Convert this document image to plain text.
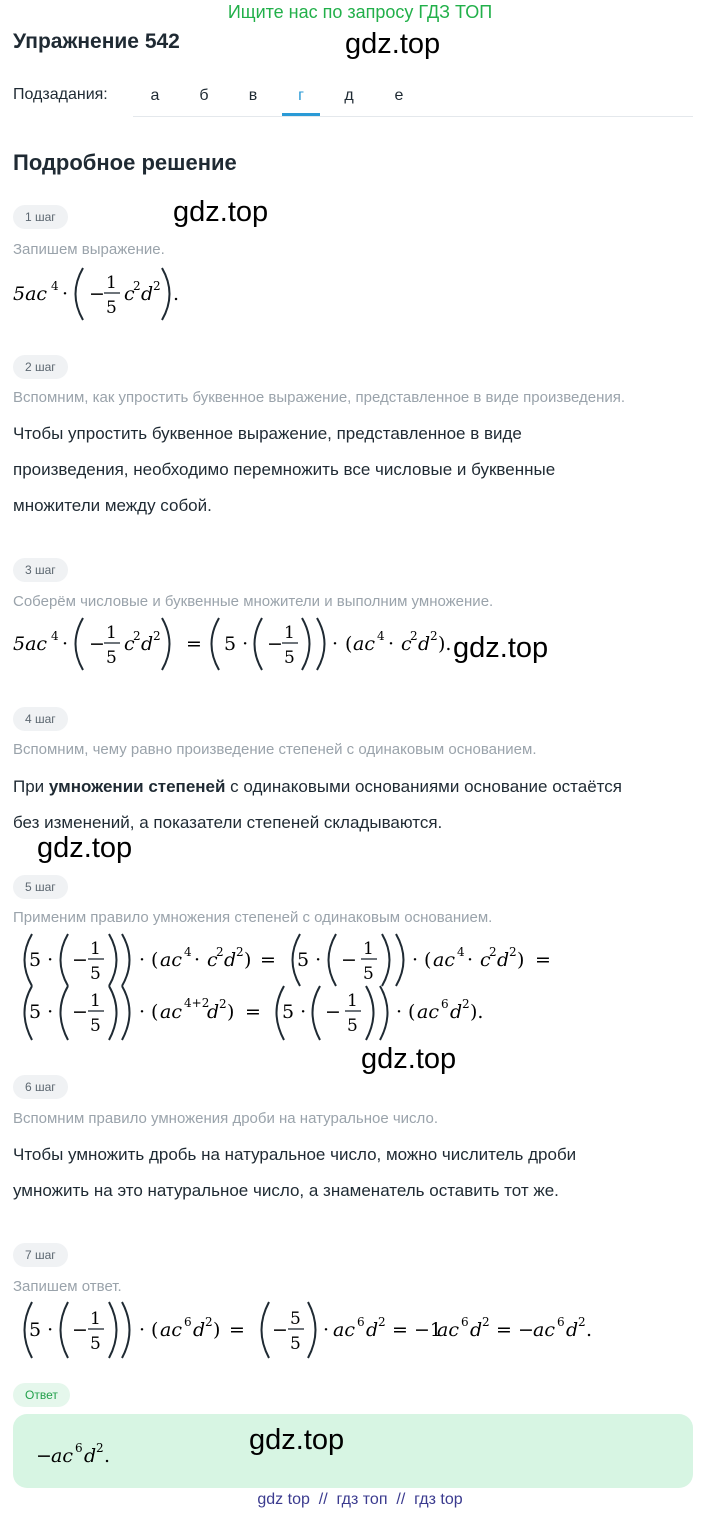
Ищите нас по запросу ГДЗ ТОП
Упражнение 542	gdz.top
Подзадания:	а	б	в	г	д	е
Подробное решение
1 шаг	gdz.top
Запишем выражение.
5ac 4 · − 1
5
c
2 d 2 .
2 шаг
Вспомним, как упростить буквенное выражение, представленное в виде произведения.
Чтобы упростить буквенное выражение, представленное в виде
произведения, необходимо перемножить все числовые и буквенные
множители между собой.
3 шаг
Соберём числовые и буквенные множители и выполним умножение.
5ac 4 · − 1
5
c
2 d 2 = 5 · − 1
5
· ( ac 4 · c
2 d 2 ). gdz.top
4 шаг
Вспомним, чему равно произведение степеней с одинаковым основанием.
При умножении степеней с одинаковыми основаниями основание остаётся
без изменений, а показатели степеней складываются.
gdz.top
5 шаг
Применим правило умножения степеней с одинаковым основанием.
5 · − 1
5
· ( ac 4 · c
2 d 2 ) = 5 · − 1
5
· ( ac 4 · c
2 d 2 ) =
5 · − 1
5
· ( ac 4+2
d 2 ) = 5 · − 1
5
· ( ac 6 d 2 ).
gdz.top
6 шаг
Вспомним правило умножения дроби на натуральное число.
Чтобы умножить дробь на натуральное число, можно числитель дроби
умножить на это натуральное число, а знаменатель оставить тот же.
7 шаг
Запишем ответ.
5 · − 1
5
· ( ac 6 d 2 ) = − 5
5
· ac 6 d 2 = −1
ac 6 d 2 = − ac 6 d 2 .
Ответ
− ac 6 d 2 .	gdz.top
gdz top  //  гдз топ  //  гдз top
